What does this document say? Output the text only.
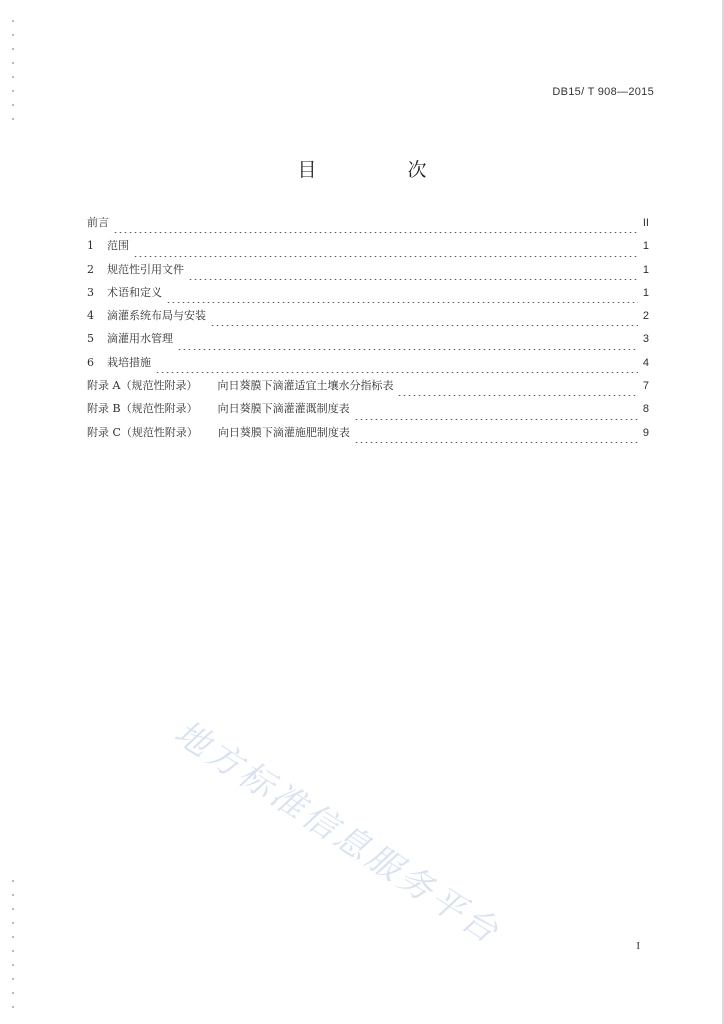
DB15/ T 908—2015
目　次
前言	II
1	范围	1
2	规范性引用文件	1
3	术语和定义	1
4	滴灌系统布局与安装	2
5	滴灌用水管理	3
6	栽培措施	4
附录 A（规范性附录） 向日葵膜下滴灌适宜土壤水分指标表	7
附录 B（规范性附录） 向日葵膜下滴灌灌溉制度表	8
附录 C（规范性附录） 向日葵膜下滴灌施肥制度表	9
地方标准信息服务平台	I
